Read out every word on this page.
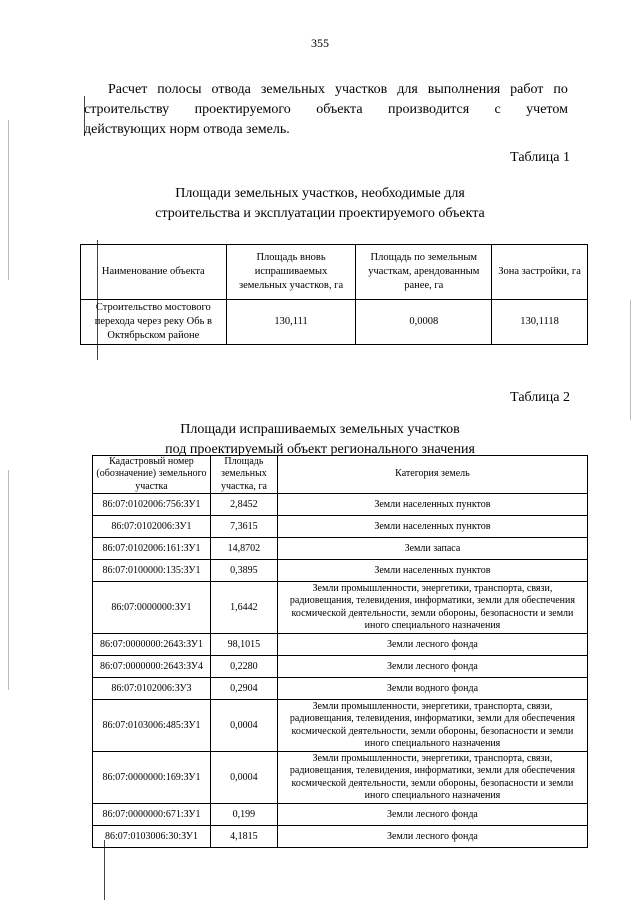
355
Расчет полосы отвода земельных участков для выполнения работ по
строительству проектируемого объекта производится с учетом
действующих норм отвода земель.
Таблица 1
Площади земельных участков, необходимые для
строительства и эксплуатации проектируемого объекта
Наименование объекта	Площадь вновь испрашиваемых земельных участков, га	Площадь по земельным участкам, арендованным ранее, га	Зона застройки, га
Строительство мостового перехода через реку Обь в Октябрьском районе	130,111	0,0008	130,1118
Таблица 2
Площади испрашиваемых земельных участков
под проектируемый объект регионального значения
Кадастровый номер (обозначение) земельного участка	Площадь земельных участка, га	Категория земель
86:07:0102006:756:ЗУ1	2,8452	Земли населенных пунктов
86:07:0102006:ЗУ1	7,3615	Земли населенных пунктов
86:07:0102006:161:ЗУ1	14,8702	Земли запаса
86:07:0100000:135:ЗУ1	0,3895	Земли населенных пунктов
86:07:0000000:ЗУ1	1,6442	Земли промышленности, энергетики, транспорта, связи, радиовещания, телевидения, информатики, земли для обеспечения космической деятельности, земли обороны, безопасности и земли иного специального назначения
86:07:0000000:2643:ЗУ1	98,1015	Земли лесного фонда
86:07:0000000:2643:ЗУ4	0,2280	Земли лесного фонда
86:07:0102006:ЗУ3	0,2904	Земли водного фонда
86:07:0103006:485:ЗУ1	0,0004	Земли промышленности, энергетики, транспорта, связи, радиовещания, телевидения, информатики, земли для обеспечения космической деятельности, земли обороны, безопасности и земли иного специального назначения
86:07:0000000:169:ЗУ1	0,0004	Земли промышленности, энергетики, транспорта, связи, радиовещания, телевидения, информатики, земли для обеспечения космической деятельности, земли обороны, безопасности и земли иного специального назначения
86:07:0000000:671:ЗУ1	0,199	Земли лесного фонда
86:07:0103006:30:ЗУ1	4,1815	Земли лесного фонда
